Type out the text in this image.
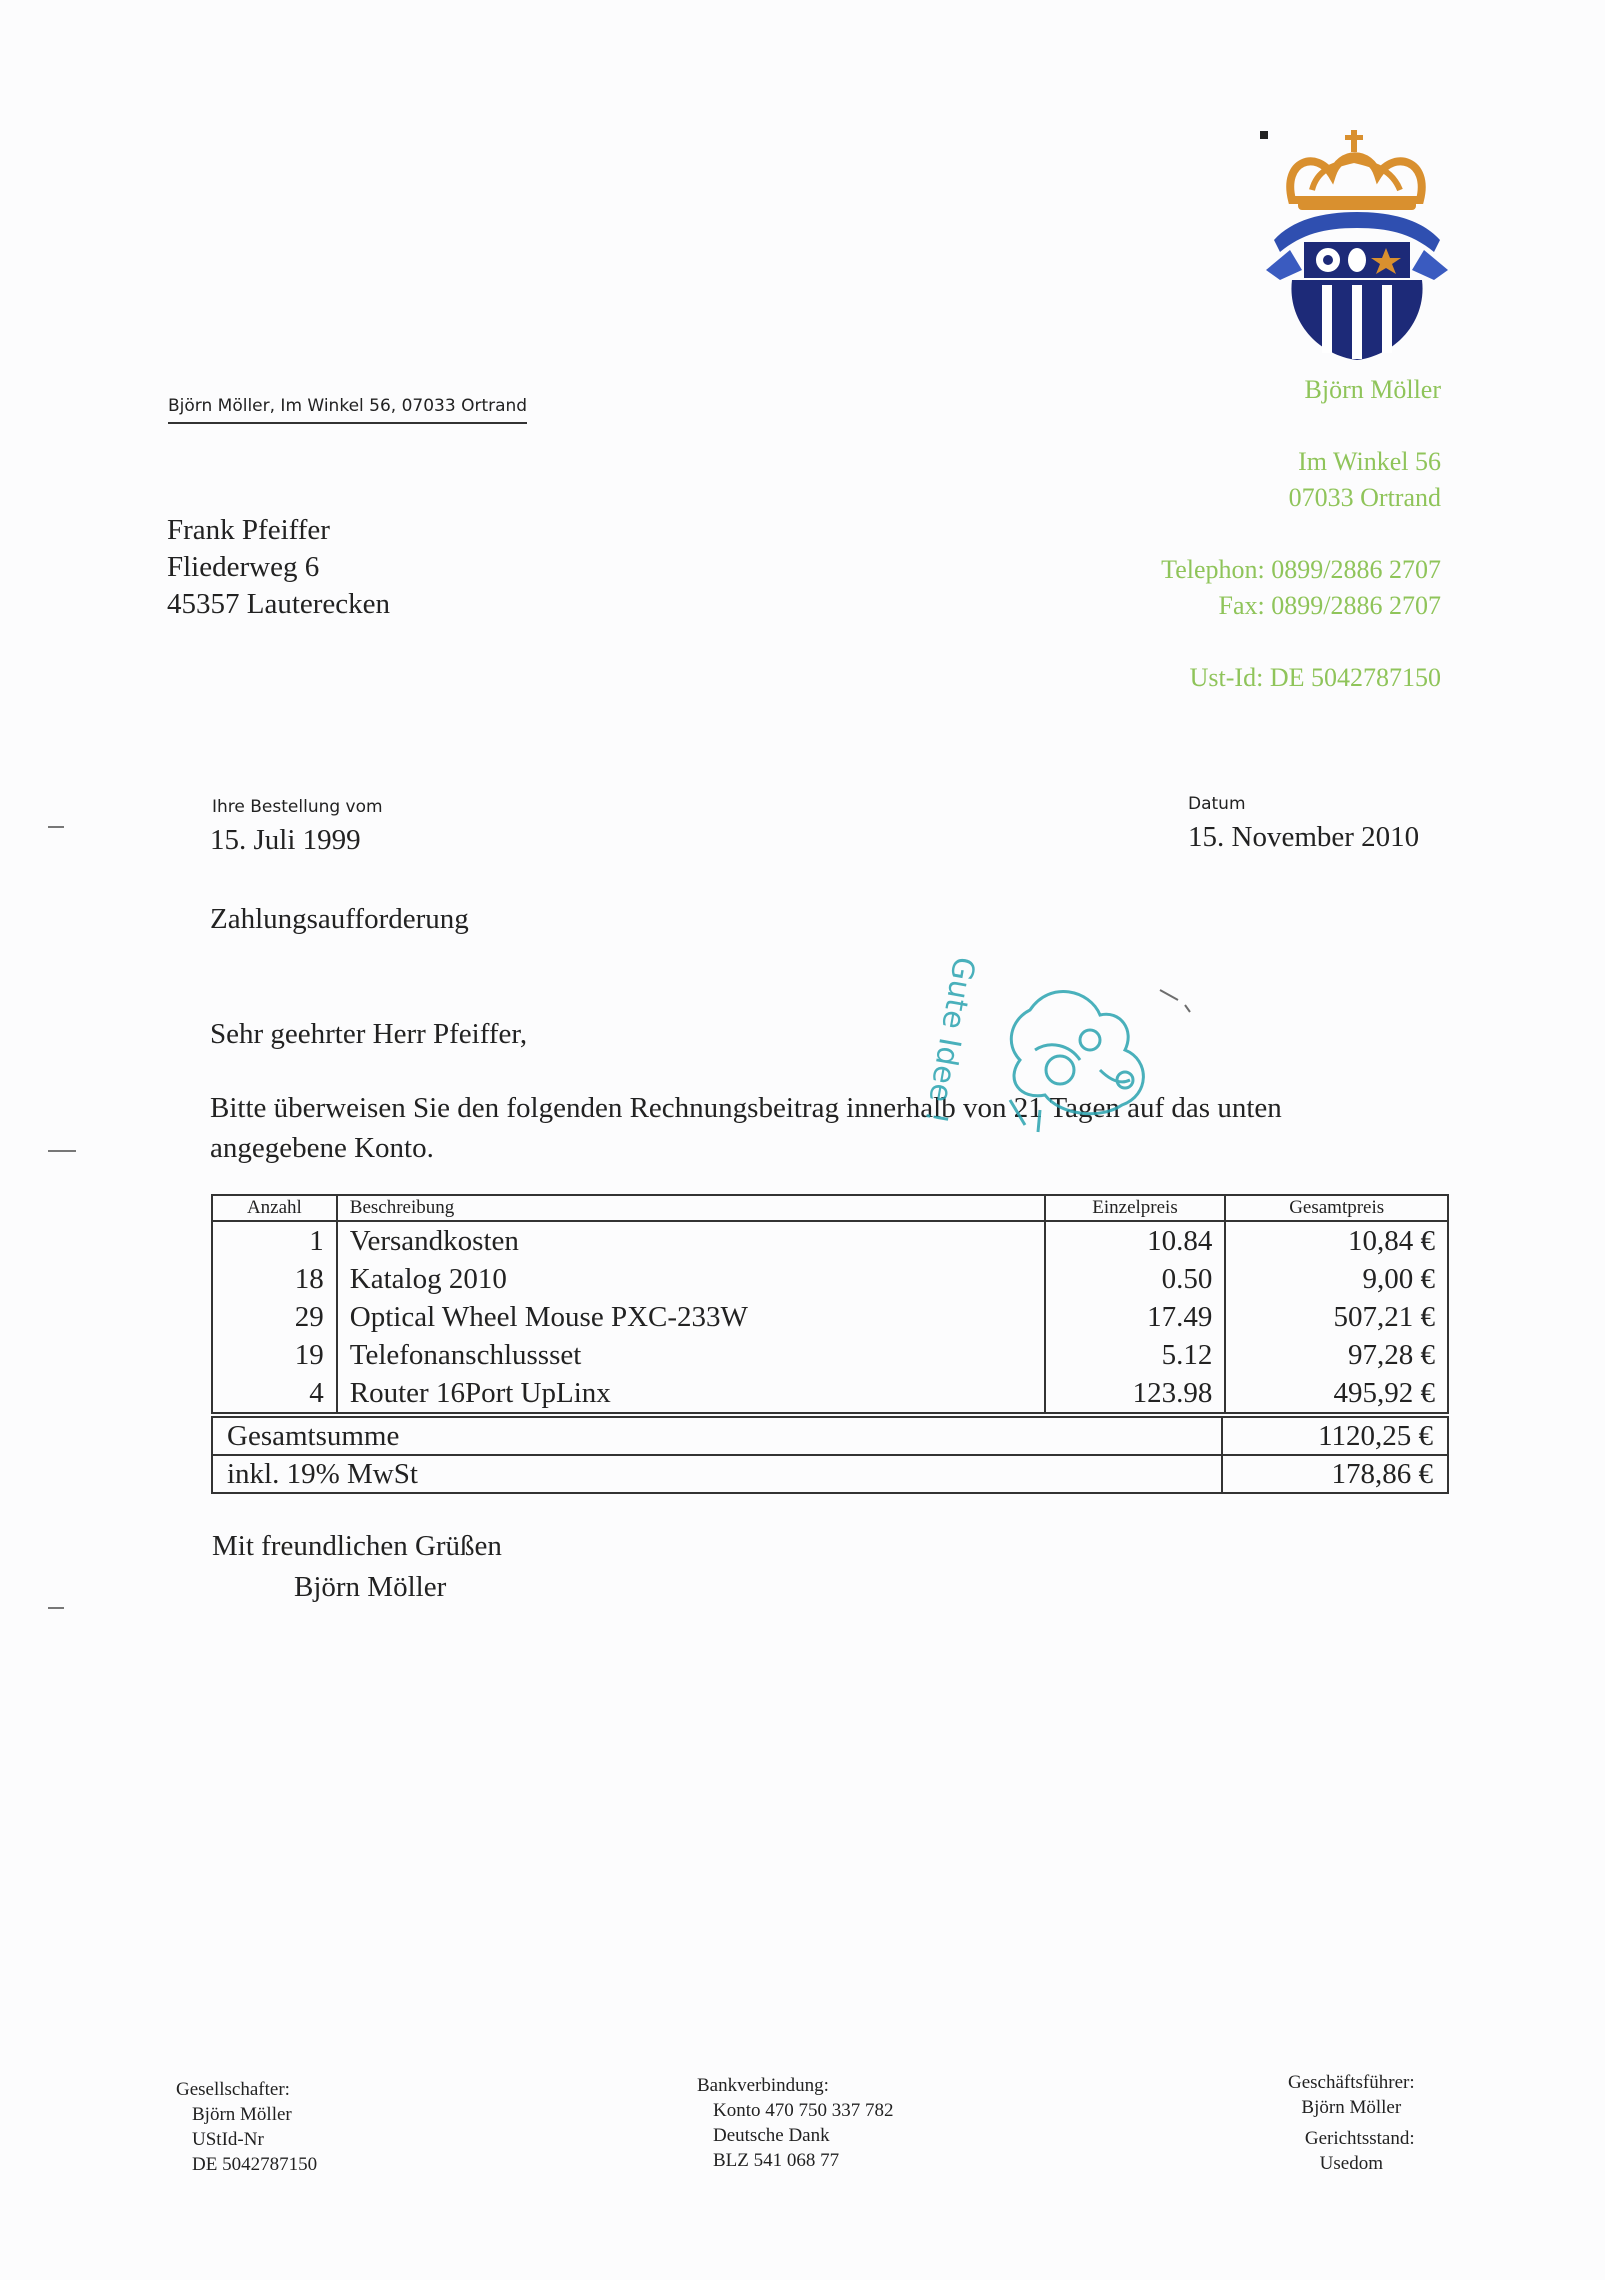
Björn Möller, Im Winkel 56, 07033 Ortrand
Frank Pfeiffer
Fliederweg 6
45357 Lauterecken
Björn Möller
Im Winkel 56
07033 Ortrand
Telephon: 0899/2886 2707
Fax: 0899/2886 2707
Ust-Id: DE 5042787150
Ihre Bestellung vom
15. Juli 1999
Datum
15. November 2010
Zahlungsaufforderung
Sehr geehrter Herr Pfeiffer,
Bitte überweisen Sie den folgenden Rechnungsbeitrag innerhalb von 21 Tagen auf das unten angegebene Konto.
Gute Idee !
Anzahl	Beschreibung	Einzelpreis	Gesamtpreis
1	Versandkosten	10.84	10,84 €
18	Katalog 2010	0.50	9,00 €
29	Optical Wheel Mouse PXC-233W	17.49	507,21 €
19	Telefonanschlussset	5.12	97,28 €
4	Router 16Port UpLinx	123.98	495,92 €
Gesamtsumme	1120,25 €
inkl. 19% MwSt	178,86 €
Mit freundlichen Grüßen
Björn Möller
Gesellschafter:
Björn Möller
UStId-Nr
DE 5042787150
Bankverbindung:
Konto 470 750 337 782
Deutsche Dank
BLZ 541 068 77
Geschäftsführer:
Björn Möller
Gerichtsstand:
Usedom
